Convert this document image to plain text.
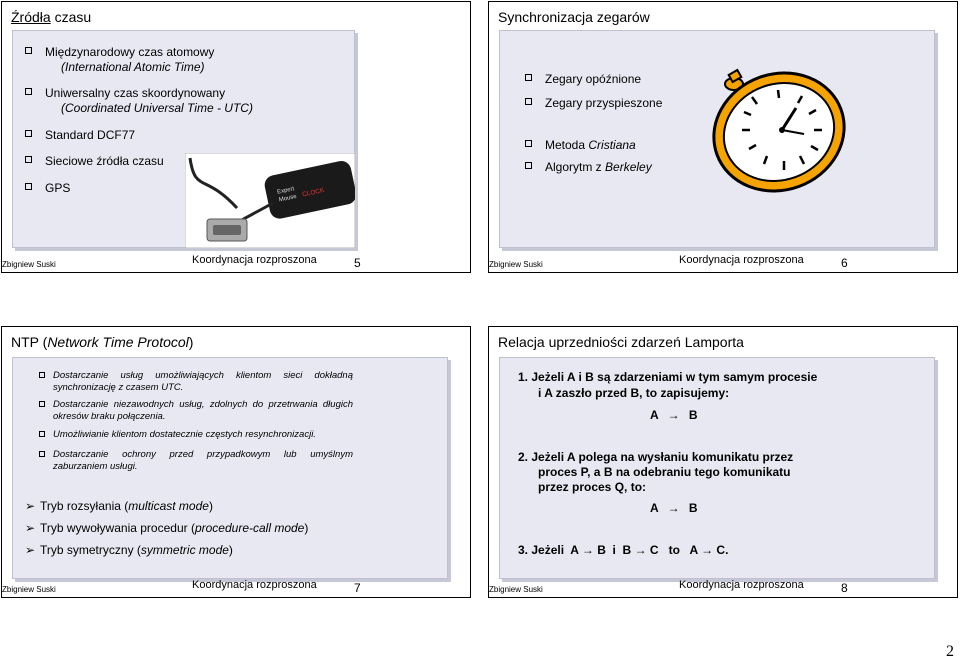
Źródła czasu
Międzynarodowy czas atomowy
(International Atomic Time)
Uniwersalny czas skoordynowany
(Coordinated Universal Time - UTC)
Standard DCF77
Sieciowe źródła czasu
GPS	Expert
Mouse
CLOCK
Zbigniew Suski	Koordynacja rozproszona	5
Synchronizacja zegarów
Zegary opóźnione
Zegary przyspieszone
Metoda Cristiana
Algorytm z Berkeley
Zbigniew Suski	Koordynacja rozproszona	6
NTP (Network Time Protocol)
Dostarczanie usług umożliwiających klientom sieci dokładną synchronizację z czasem UTC.
Dostarczanie niezawodnych usług, zdolnych do przetrwania długich okresów braku połączenia.
Umożliwianie klientom dostatecznie częstych resynchronizacji.
Dostarczanie ochrony przed przypadkowym lub umyślnym zaburzaniem usługi.
➢ Tryb rozsyłania (multicast mode)
➢ Tryb wywoływania procedur (procedure-call mode)
➢ Tryb symetryczny (symmetric mode)
Zbigniew Suski	Koordynacja rozproszona	7
Relacja uprzedniości zdarzeń Lamporta
1. Jeżeli A i B są zdarzeniami w tym samym procesie
i A zaszło przed B, to zapisujemy:
A → B
2. Jeżeli A polega na wysłaniu komunikatu przez
proces P, a B na odebraniu tego komunikatu
przez proces Q, to:
A → B
3. Jeżeli A → B i B → C to A → C.
Zbigniew Suski	Koordynacja rozproszona	8
2
